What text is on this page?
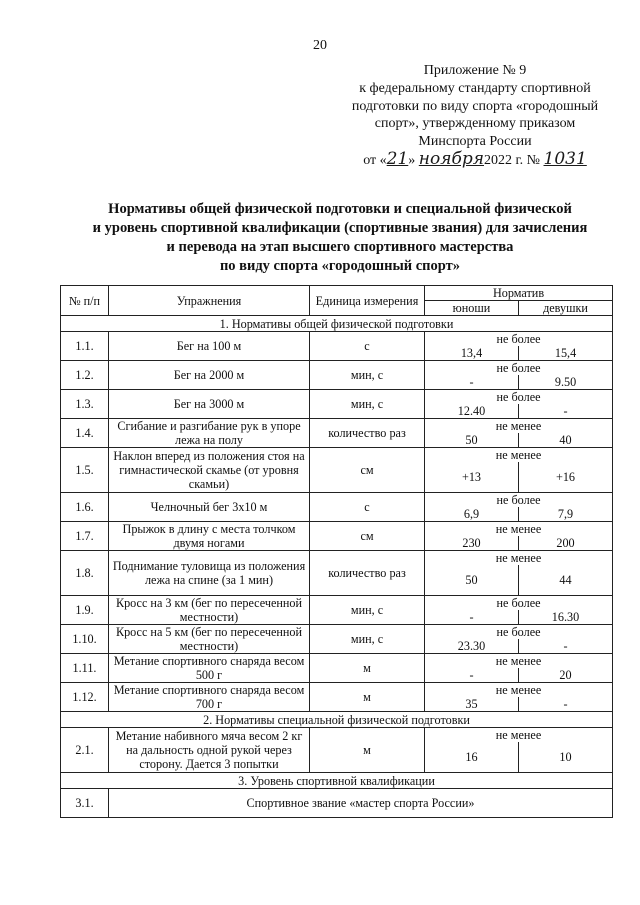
20
Приложение № 9
к федеральному стандарту спортивной
подготовки по виду спорта «городошный
спорт», утвержденному приказом
Минспорта России
от «21» ноября2022 г. № 1031
Нормативы общей физической подготовки и специальной физической
и уровень спортивной квалификации (спортивные звания) для зачисления
и перевода на этап высшего спортивного мастерства
по виду спорта «городошный спорт»
№ п/п	Упражнения	Единица измерения	Норматив	
			юноши	девушки
1. Нормативы общей физической подготовки				
1.1.	Бег на 100 м	с	не более	
			13,4	15,4
1.2.	Бег на 2000 м	мин, с	не более	
			-	9.50
1.3.	Бег на 3000 м	мин, с	не более	
			12.40	-
1.4.	Сгибание и разгибание рук в упоре лежа на полу	количество раз	не менее	
			50	40
1.5.	Наклон вперед из положения стоя на гимнастической скамье (от уровня скамьи)	см	не менее	
			+13	+16
1.6.	Челночный бег 3х10 м	с	не более	
			6,9	7,9
1.7.	Прыжок в длину с места толчком двумя ногами	см	не менее	
			230	200
1.8.	Поднимание туловища из положения лежа на спине (за 1 мин)	количество раз	не менее	
			50	44
1.9.	Кросс на 3 км (бег по пересеченной местности)	мин, с	не более	
			-	16.30
1.10.	Кросс на 5 км (бег по пересеченной местности)	мин, с	не более	
			23.30	-
1.11.	Метание спортивного снаряда весом 500 г	м	не менее	
			-	20
1.12.	Метание спортивного снаряда весом 700 г	м	не менее	
			35	-
2. Нормативы специальной физической подготовки				
2.1.	Метание набивного мяча весом 2 кг на дальность одной рукой через сторону. Дается 3 попытки	м	не менее	
			16	10
3. Уровень спортивной квалификации				
3.1.	Спортивное звание «мастер спорта России»			
